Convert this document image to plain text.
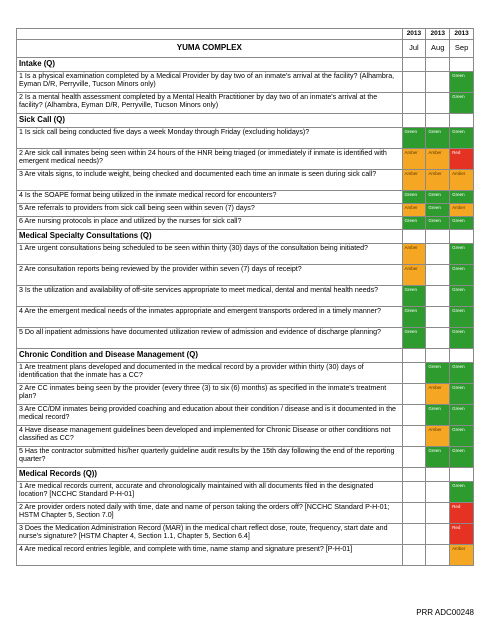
	2013	2013	2013
YUMA COMPLEX	Jul	Aug	Sep
Intake (Q)			
1 Is a physical examination completed by a Medical Provider by day two of an inmate's arrival at the facility? (Alhambra, Eyman D/R, Perryville, Tucson Minors only)			Green

2 Is a mental health assessment completed by a Mental Health Practitioner by day two of an inmate's arrival at the facility? (Alhambra, Eyman D/R, Perryville, Tucson Minors only)			Green

Sick Call (Q)			
1 Is sick call being conducted five days a week Monday through Friday (excluding holidays)?	Green	Green	Green

2 Are sick call inmates being seen within 24 hours of the HNR being triaged (or immediately if inmate is identified with emergent medical needs)?	Amber	Amber	Red

3 Are vitals signs, to include weight, being checked and documented each time an inmate is seen during sick call?	Amber	Amber	Amber

4 Is the SOAPE format being utilized in the inmate medical record for encounters?	Green	Green	Green

5 Are referrals to providers from sick call being seen within seven (7) days?	Amber	Green	Amber

6 Are nursing protocols in place and utilized by the nurses for sick call?	Green	Green	Green

Medical Specialty Consultations (Q)			
1 Are urgent consultations being scheduled to be seen within thirty (30) days of the consultation being initiated?	Amber		Green

2 Are consultation reports being reviewed by the provider within seven (7) days of receipt?	Amber		Green

3 Is the utilization and availability of off-site services appropriate to meet medical, dental and mental health needs?	Green		Green

4 Are the emergent medical needs of the inmates appropriate and emergent transports ordered in a timely manner?	Green		Green

5 Do all inpatient admissions have documented utilization review of admission and evidence of discharge planning?	Green		Green

Chronic Condition and Disease Management (Q)			
1 Are treatment plans developed and documented in the medical record by a provider within thirty (30) days of identification that the inmate has a CC?		Green	Green

2 Are CC inmates being seen by the provider (every three (3) to six (6) months) as specified in the inmate's treatment plan?		Amber	Green

3 Are CC/DM inmates being provided coaching and education about their condition / disease and is it documented in the medical record?		Green	Green

4 Have disease management guidelines been developed and implemented for Chronic Disease or other conditions not classified as CC?		Amber	Green

5 Has the contractor submitted his/her quarterly guideline audit results by the 15th day following the end of the reporting quarter?		Green	Green

Medical Records (Q))			
1 Are medical records current, accurate and chronologically maintained with all documents filed in the designated location? [NCCHC Standard P-H-01]			Green

2 Are provider orders noted daily with time, date and name of person taking the orders off? [NCCHC Standard P-H-01; HSTM Chapter 5, Section 7.0]			Red

3 Does the Medication Administration Record (MAR) in the medical chart reflect dose, route, frequency, start date and nurse's signature? [HSTM Chapter 4, Section 1.1, Chapter 5, Section 6.4]			Red

4 Are medical record entries legible, and complete with time, name stamp and signature present? [P-H-01]			Amber
PRR ADC00248
